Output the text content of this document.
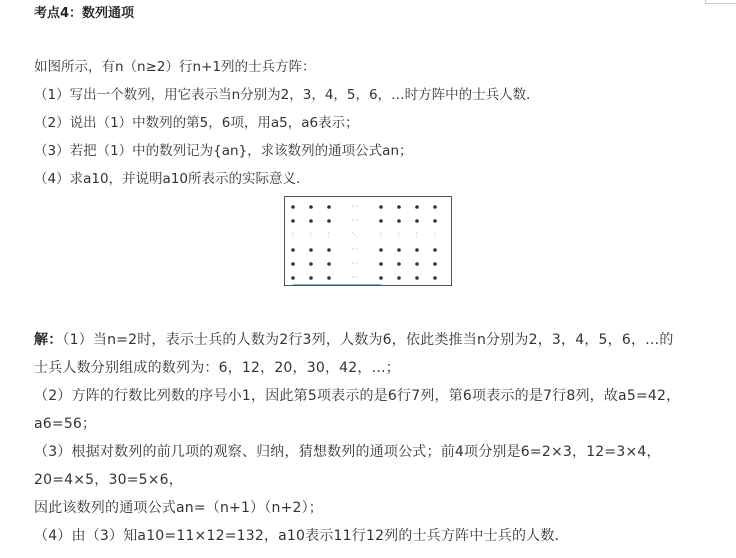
考点4：数列通项
如图所示，有n（n≥2）行n+1列的士兵方阵：
（1）写出一个数列，用它表示当n分别为2，3，4，5，6，…时方阵中的士兵人数．
（2）说出（1）中数列的第5，6项，用a5，a6表示；
（3）若把（1）中的数列记为{an}，求该数列的通项公式an；
（4）求a10，并说明a10所表示的实际意义．
···
···
⋮ ⋮ ⋮	⋮ ⋮ ⋮ ⋮
⋱
···
···
···
解：（1）当n=2时，表示士兵的人数为2行3列，人数为6，依此类推当n分别为2，3，4，5，6，…的
士兵人数分别组成的数列为：6，12，20，30，42，…；
（2）方阵的行数比列数的序号小1，因此第5项表示的是6行7列，第6项表示的是7行8列，故a5=42，
a6=56；
（3）根据对数列的前几项的观察、归纳，猜想数列的通项公式；前4项分别是6=2×3，12=3×4，
20=4×5，30=5×6，
因此该数列的通项公式an=（n+1）（n+2）；
（4）由（3）知a10=11×12=132，a10表示11行12列的士兵方阵中士兵的人数．
